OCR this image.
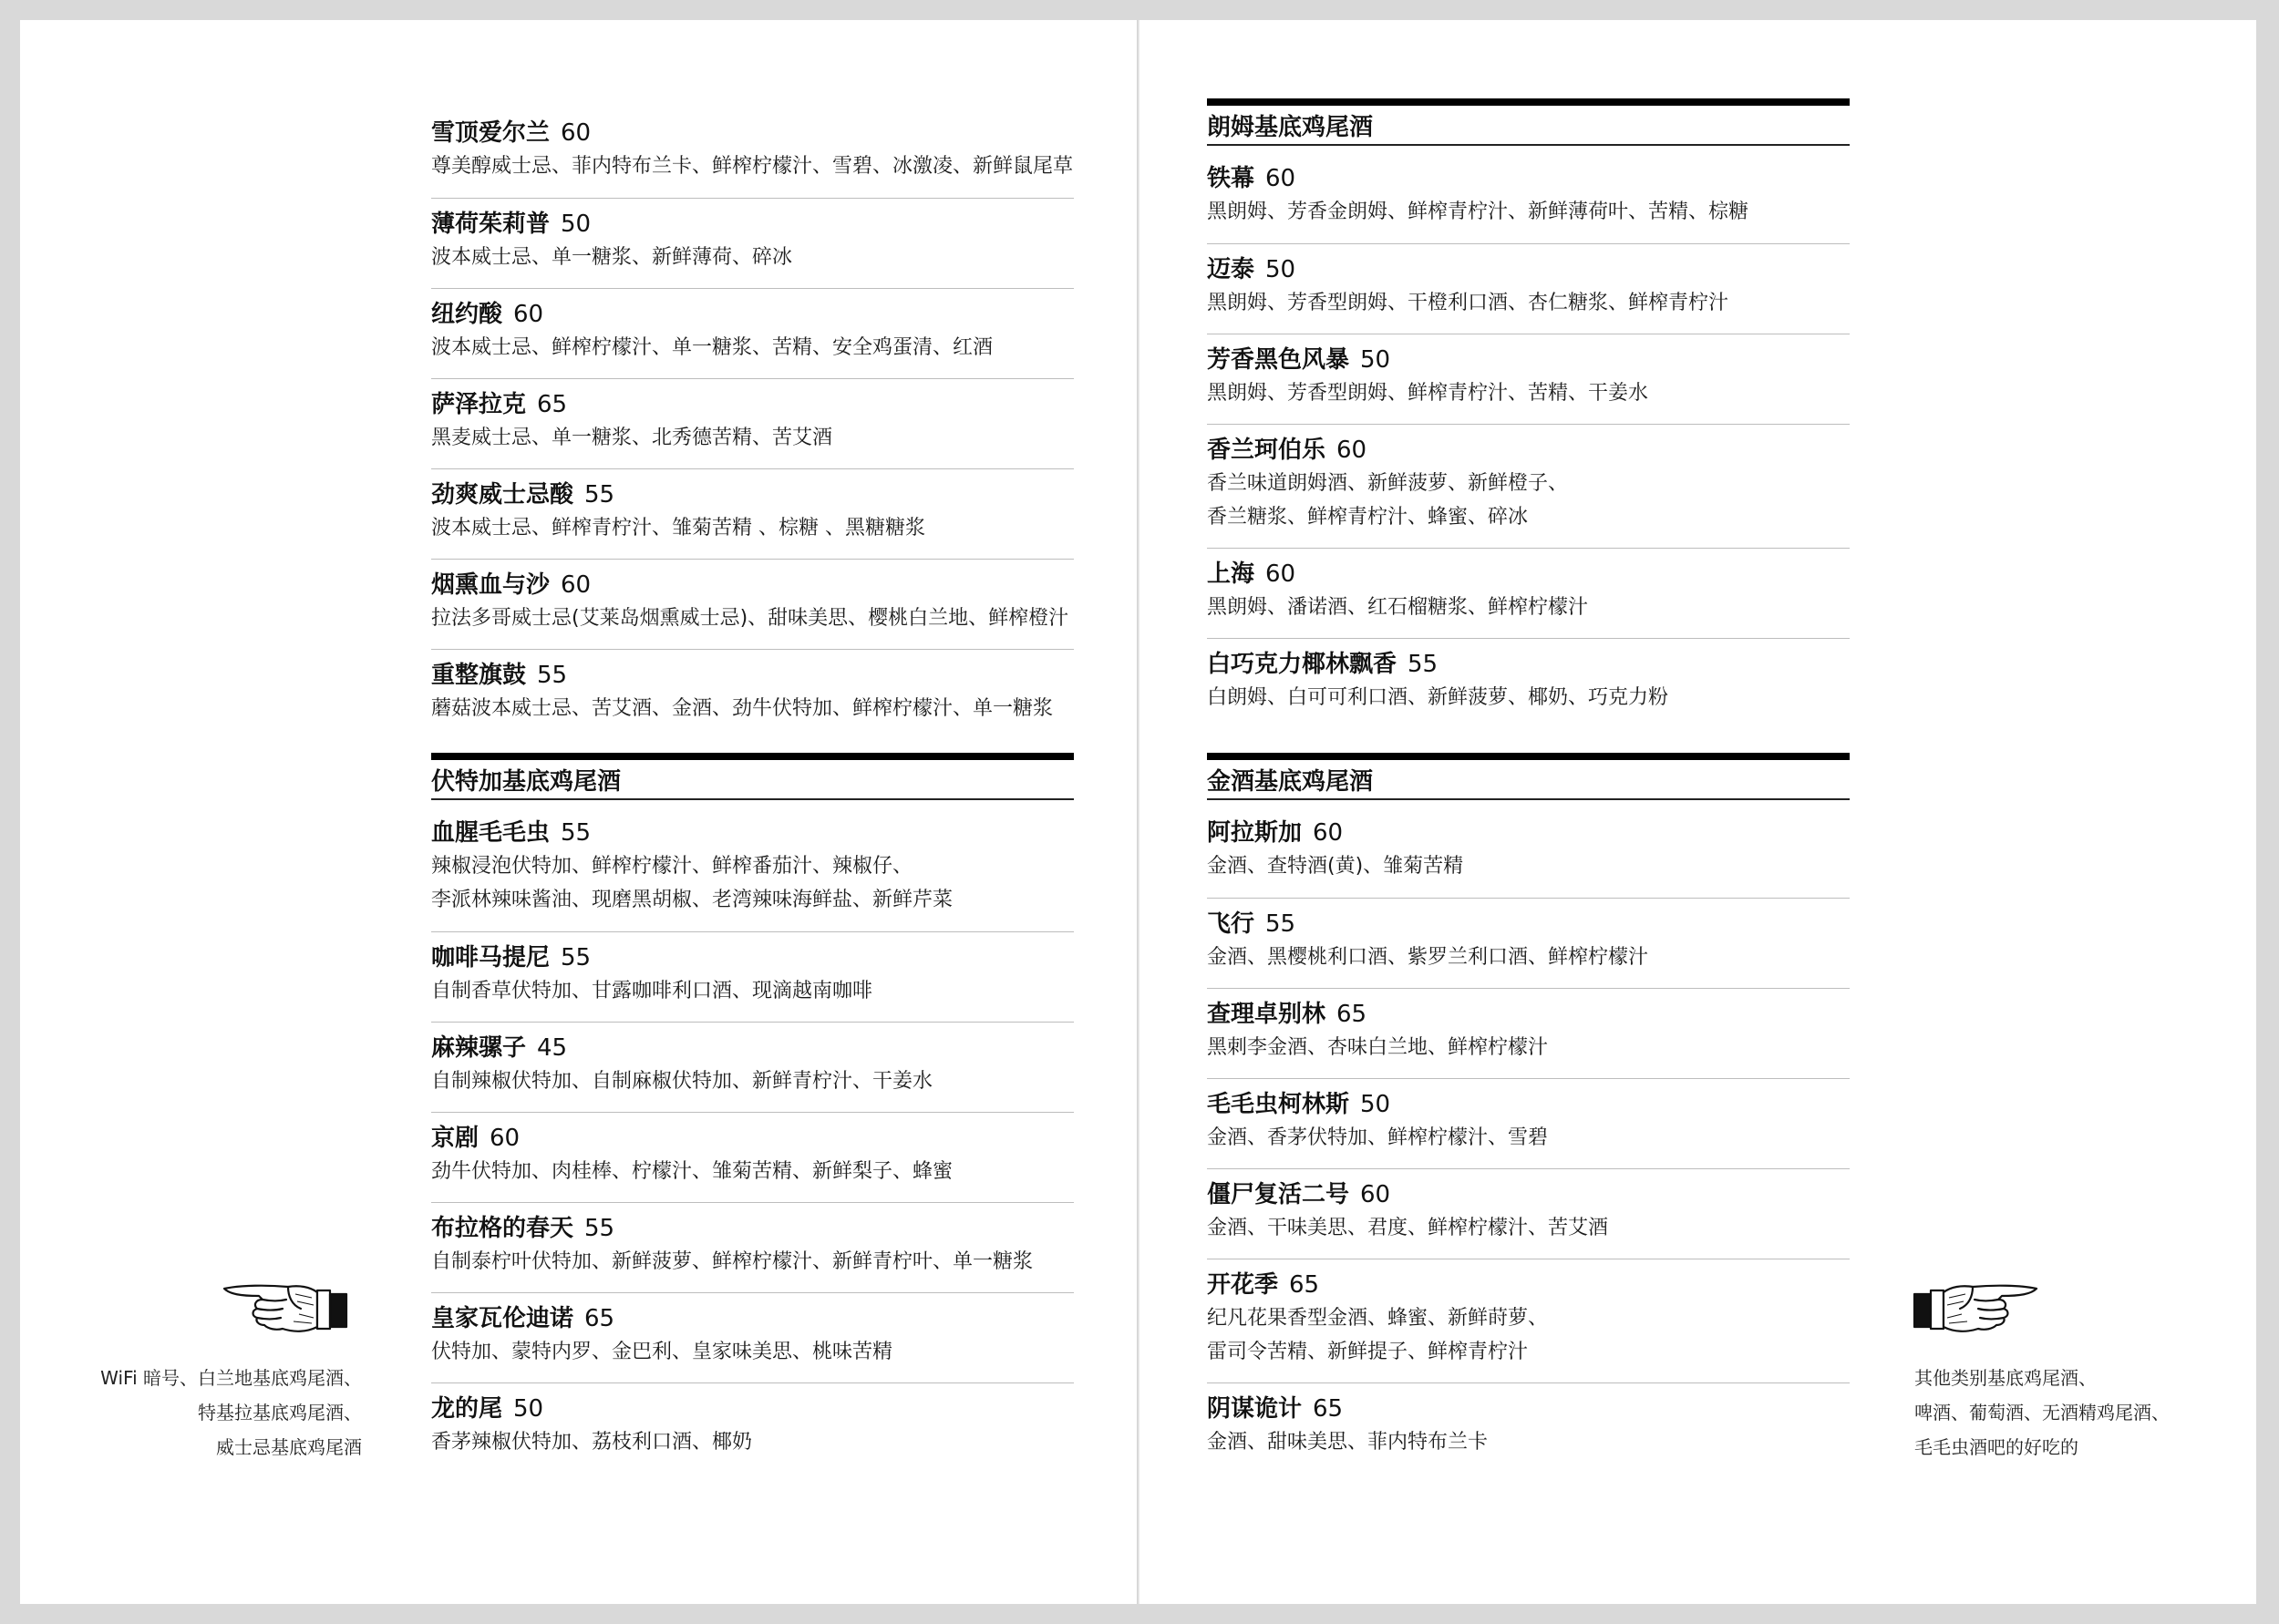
雪顶爱尔兰 60
尊美醇威士忌、菲内特布兰卡、鲜榨柠檬汁、雪碧、冰激凌、新鲜鼠尾草
薄荷茱莉普 50
波本威士忌、单一糖浆、新鲜薄荷、碎冰
纽约酸 60
波本威士忌、鲜榨柠檬汁、单一糖浆、苦精、安全鸡蛋清、红酒
萨泽拉克 65
黑麦威士忌、单一糖浆、北秀德苦精、苦艾酒
劲爽威士忌酸 55
波本威士忌、鲜榨青柠汁、雏菊苦精 、棕糖 、黑糖糖浆
烟熏血与沙 60
拉法多哥威士忌(艾莱岛烟熏威士忌)、甜味美思、樱桃白兰地、鲜榨橙汁
重整旗鼓 55
蘑菇波本威士忌、苦艾酒、金酒、劲牛伏特加、鲜榨柠檬汁、单一糖浆
伏特加基底鸡尾酒
血腥毛毛虫 55
辣椒浸泡伏特加、鲜榨柠檬汁、鲜榨番茄汁、辣椒仔、
李派林辣味酱油、现磨黑胡椒、老湾辣味海鲜盐、新鲜芹菜
咖啡马提尼 55
自制香草伏特加、甘露咖啡利口酒、现滴越南咖啡
麻辣骡子 45
自制辣椒伏特加、自制麻椒伏特加、新鲜青柠汁、干姜水
京剧 60
劲牛伏特加、肉桂棒、柠檬汁、雏菊苦精、新鲜梨子、蜂蜜
布拉格的春天 55
自制泰柠叶伏特加、新鲜菠萝、鲜榨柠檬汁、新鲜青柠叶、单一糖浆
皇家瓦伦迪诺 65
伏特加、蒙特内罗、金巴利、皇家味美思、桃味苦精
龙的尾 50
香茅辣椒伏特加、荔枝利口酒、椰奶
朗姆基底鸡尾酒
铁幕 60
黑朗姆、芳香金朗姆、鲜榨青柠汁、新鲜薄荷叶、苦精、棕糖
迈泰 50
黑朗姆、芳香型朗姆、干橙利口酒、杏仁糖浆、鲜榨青柠汁
芳香黑色风暴 50
黑朗姆、芳香型朗姆、鲜榨青柠汁、苦精、干姜水
香兰珂伯乐 60
香兰味道朗姆酒、新鲜菠萝、新鲜橙子、
香兰糖浆、鲜榨青柠汁、蜂蜜、碎冰
上海 60
黑朗姆、潘诺酒、红石榴糖浆、鲜榨柠檬汁
白巧克力椰林飘香 55
白朗姆、白可可利口酒、新鲜菠萝、椰奶、巧克力粉
金酒基底鸡尾酒
阿拉斯加 60
金酒、查特酒(黄)、雏菊苦精
飞行 55
金酒、黑樱桃利口酒、紫罗兰利口酒、鲜榨柠檬汁
查理卓别林 65
黑刺李金酒、杏味白兰地、鲜榨柠檬汁
毛毛虫柯林斯 50
金酒、香茅伏特加、鲜榨柠檬汁、雪碧
僵尸复活二号 60
金酒、干味美思、君度、鲜榨柠檬汁、苦艾酒
开花季 65
纪凡花果香型金酒、蜂蜜、新鲜莳萝、
雷司令苦精、新鲜提子、鲜榨青柠汁
阴谋诡计 65
金酒、甜味美思、菲内特布兰卡
WiFi 暗号、白兰地基底鸡尾酒、
特基拉基底鸡尾酒、
威士忌基底鸡尾酒
其他类别基底鸡尾酒、
啤酒、葡萄酒、无酒精鸡尾酒、
毛毛虫酒吧的好吃的
